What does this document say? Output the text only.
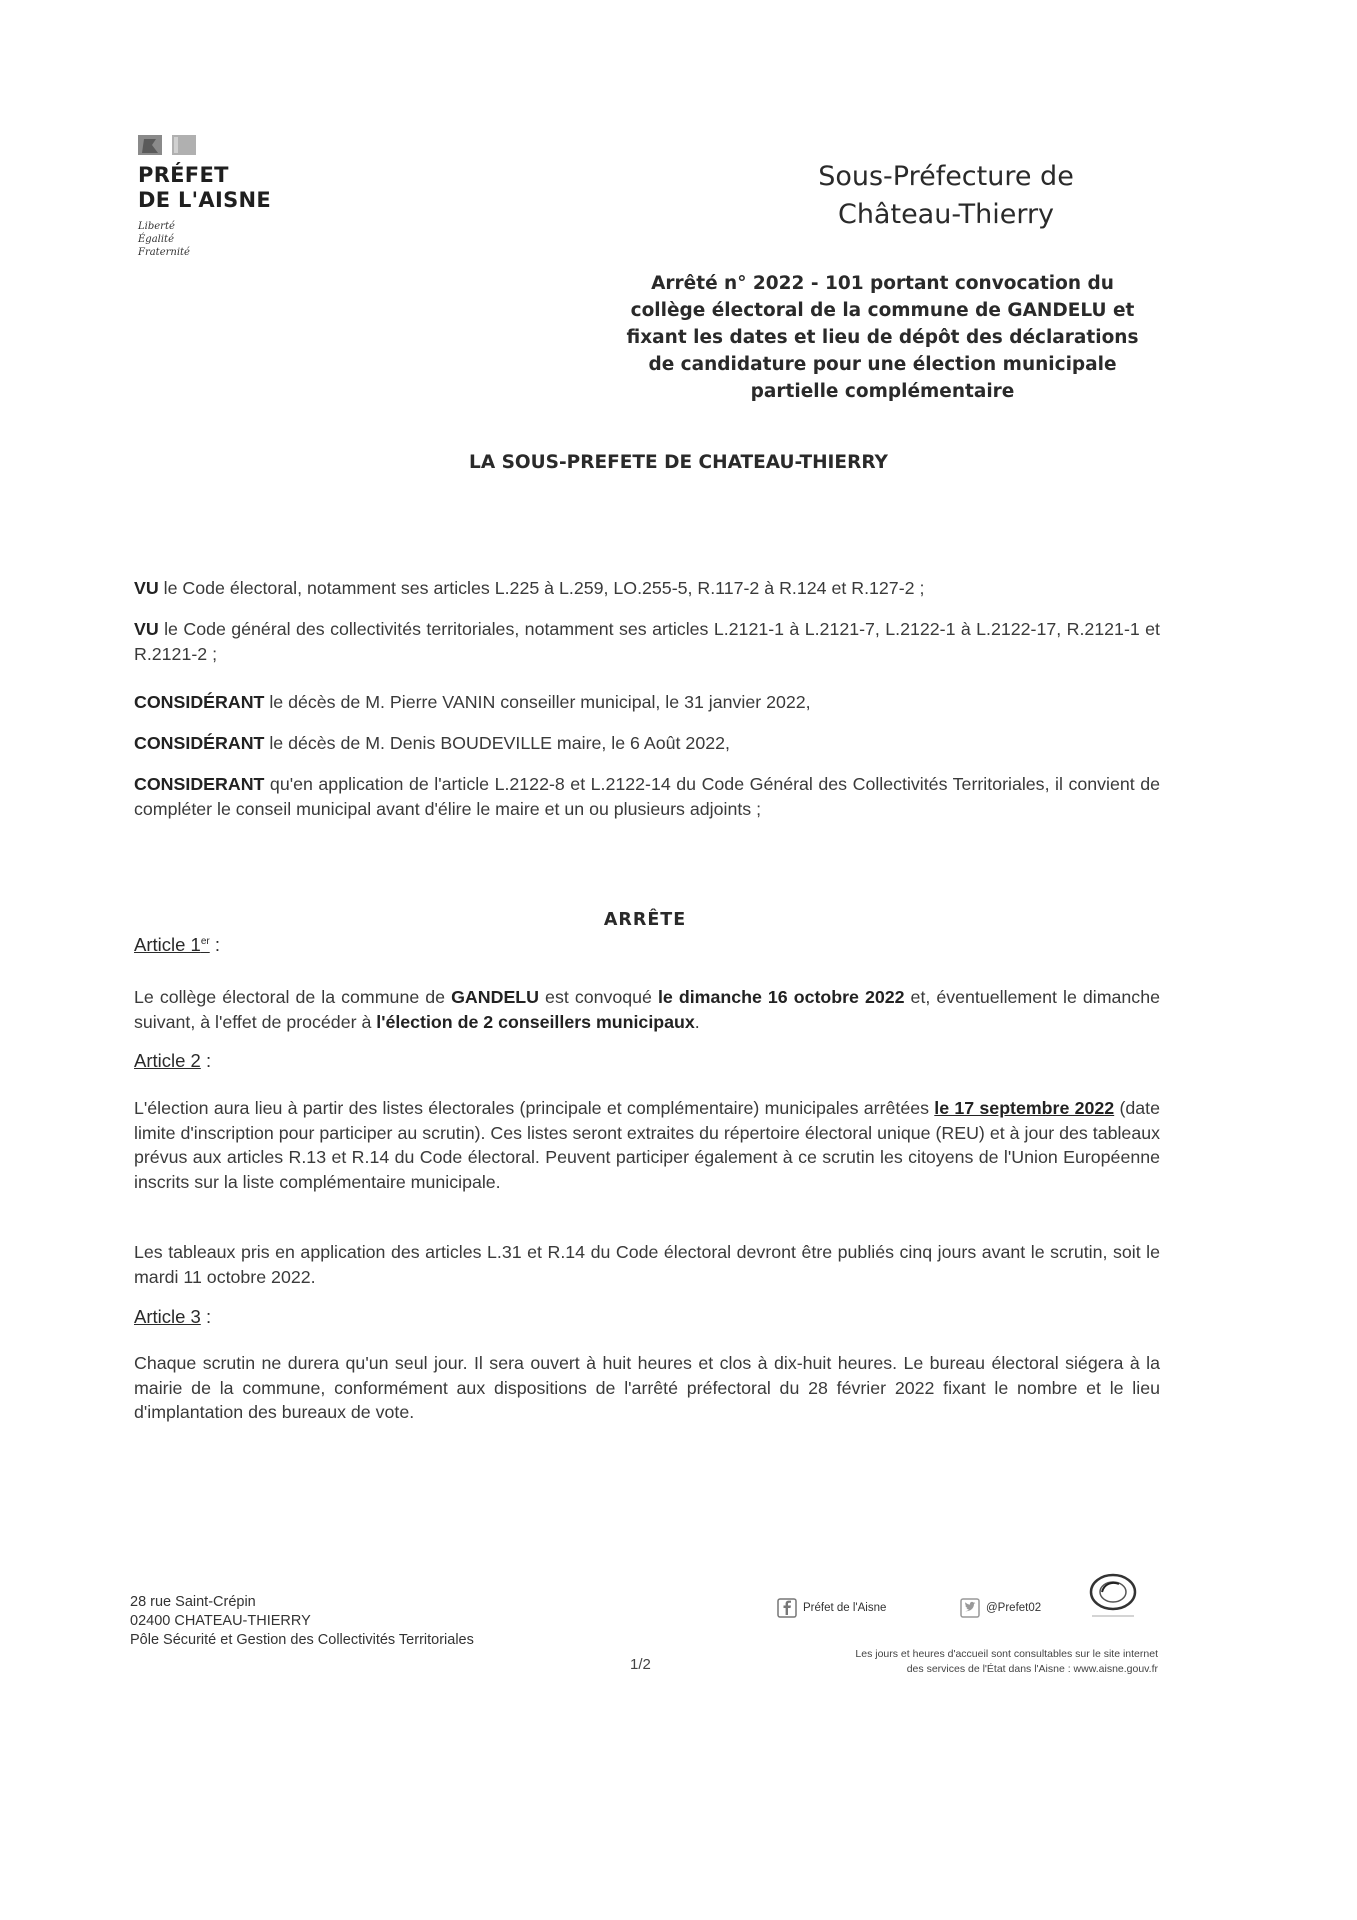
PRÉFET
DE L'AISNE
Liberté
Égalité
Fraternité
Sous-Préfecture de
Château-Thierry
Arrêté n° 2022 - 101 portant convocation du
collège électoral de la commune de GANDELU et
fixant les dates et lieu de dépôt des déclarations
de candidature pour une élection municipale
partielle complémentaire
LA SOUS-PREFETE DE CHATEAU-THIERRY

VU le Code électoral, notamment ses articles L.225 à L.259, LO.255-5, R.117-2 à R.124 et R.127-2 ;

VU le Code général des collectivités territoriales, notamment ses articles L.2121-1 à L.2121-7, L.2122-1 à L.2122-17, R.2121-1 et R.2121-2 ;

CONSIDÉRANT le décès de M. Pierre VANIN conseiller municipal, le 31 janvier 2022,

CONSIDÉRANT le décès de M. Denis BOUDEVILLE maire, le 6 Août 2022,

CONSIDERANT qu'en application de l'article L.2122-8 et L.2122-14 du Code Général des Collectivités Territoriales, il convient de compléter le conseil municipal avant d'élire le maire et un ou plusieurs adjoints ;

ARRÊTE
Article 1er :

Le collège électoral de la commune de GANDELU est convoqué le dimanche 16 octobre 2022 et, éventuellement le dimanche suivant, à l'effet de procéder à l'élection de 2 conseillers municipaux.

Article 2 :

L'élection aura lieu à partir des listes électorales (principale et complémentaire) municipales arrêtées le 17 septembre 2022 (date limite d'inscription pour participer au scrutin). Ces listes seront extraites du répertoire électoral unique (REU) et à jour des tableaux prévus aux articles R.13 et R.14 du Code électoral. Peuvent participer également à ce scrutin les citoyens de l'Union Européenne inscrits sur la liste complémentaire municipale.

Les tableaux pris en application des articles L.31 et R.14 du Code électoral devront être publiés cinq jours avant le scrutin, soit le mardi 11 octobre 2022.

Article 3 :

Chaque scrutin ne durera qu'un seul jour. Il sera ouvert à huit heures et clos à dix-huit heures. Le bureau électoral siégera à la mairie de la commune, conformément aux dispositions de l'arrêté préfectoral du 28 février 2022 fixant le nombre et le lieu d'implantation des bureaux de vote.

28 rue Saint-Crépin
02400 CHATEAU-THIERRY
Pôle Sécurité et Gestion des Collectivités Territoriales
1/2
Préfet de l'Aisne	@Prefet02
Les jours et heures d'accueil sont consultables sur le site internet
des services de l'État dans l'Aisne : www.aisne.gouv.fr
